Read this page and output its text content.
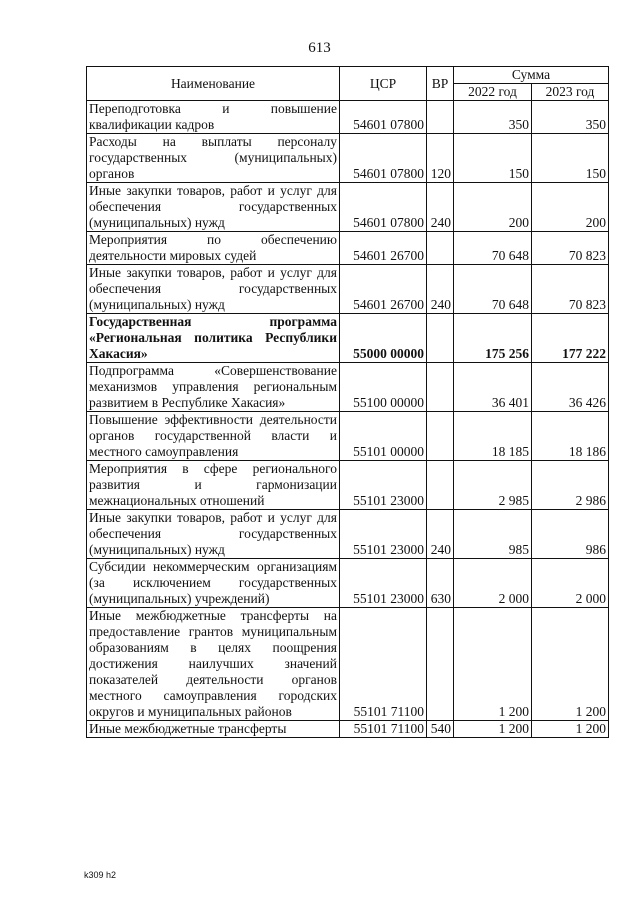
613
Наименование	ЦСР	ВР	Сумма	
			2022 год	2023 год
Переподготовка и повышение квалификации кадров	54601 07800		350	350
Расходы на выплаты персоналу государственных (муниципальных) органов	54601 07800	120	150	150
Иные закупки товаров, работ и услуг для обеспечения государственных (муниципальных) нужд	54601 07800	240	200	200
Мероприятия по обеспечению деятельности мировых судей	54601 26700		70 648	70 823
Иные закупки товаров, работ и услуг для обеспечения государственных (муниципальных) нужд	54601 26700	240	70 648	70 823
Государственная программа «Региональная политика Республики Хакасия»	55000 00000		175 256	177 222
Подпрограмма «Совершенствование механизмов управления региональным развитием в Республике Хакасия»	55100 00000		36 401	36 426
Повышение эффективности деятельности органов государственной власти и местного самоуправления	55101 00000		18 185	18 186
Мероприятия в сфере регионального развития и гармонизации межнациональных отношений	55101 23000		2 985	2 986
Иные закупки товаров, работ и услуг для обеспечения государственных (муниципальных) нужд	55101 23000	240	985	986
Субсидии некоммерческим организациям (за исключением государственных (муниципальных) учреждений)	55101 23000	630	2 000	2 000
Иные межбюджетные трансферты на предоставление грантов муниципальным образованиям в целях поощрения достижения наилучших значений показателей деятельности органов местного самоуправления городских округов и муниципальных районов	55101 71100		1 200	1 200
Иные межбюджетные трансферты	55101 71100	540	1 200	1 200
k309 h2
